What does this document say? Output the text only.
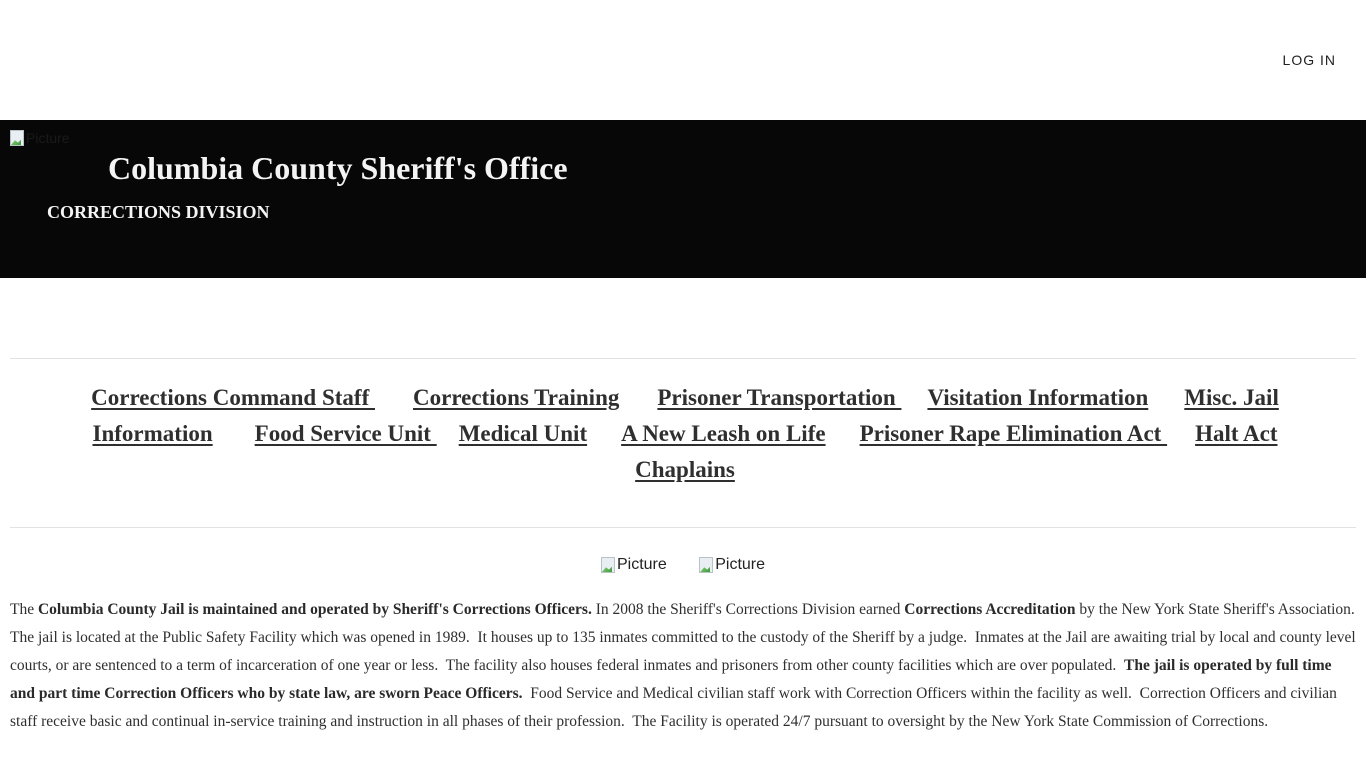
LOG IN
Picture
Columbia County Sheriff's Office
CORRECTIONS DIVISION
Corrections Command Staff Corrections Training Prisoner Transportation Visitation Information Misc. Jail Information Food Service Unit Medical Unit A New Leash on Life Prisoner Rape Elimination Act Halt Act
Chaplains
Picture
	Picture

The Columbia County Jail is maintained and operated by Sheriff's Corrections Officers. In 2008 the Sheriff's Corrections Division earned Corrections Accreditation by the New York State Sheriff's Association.  The jail is located at the Public Safety Facility which was opened in 1989.  It houses up to 135 inmates committed to the custody of the Sheriff by a judge.  Inmates at the Jail are awaiting trial by local and county level courts, or are sentenced to a term of incarceration of one year or less.  The facility also houses federal inmates and prisoners from other county facilities which are over populated.  The jail is operated by full time and part time Correction Officers who by state law, are sworn Peace Officers.  Food Service and Medical civilian staff work with Correction Officers within the facility as well.  Correction Officers and civilian staff receive basic and continual in-service training and instruction in all phases of their profession.  The Facility is operated 24/7 pursuant to oversight by the New York State Commission of Corrections.
